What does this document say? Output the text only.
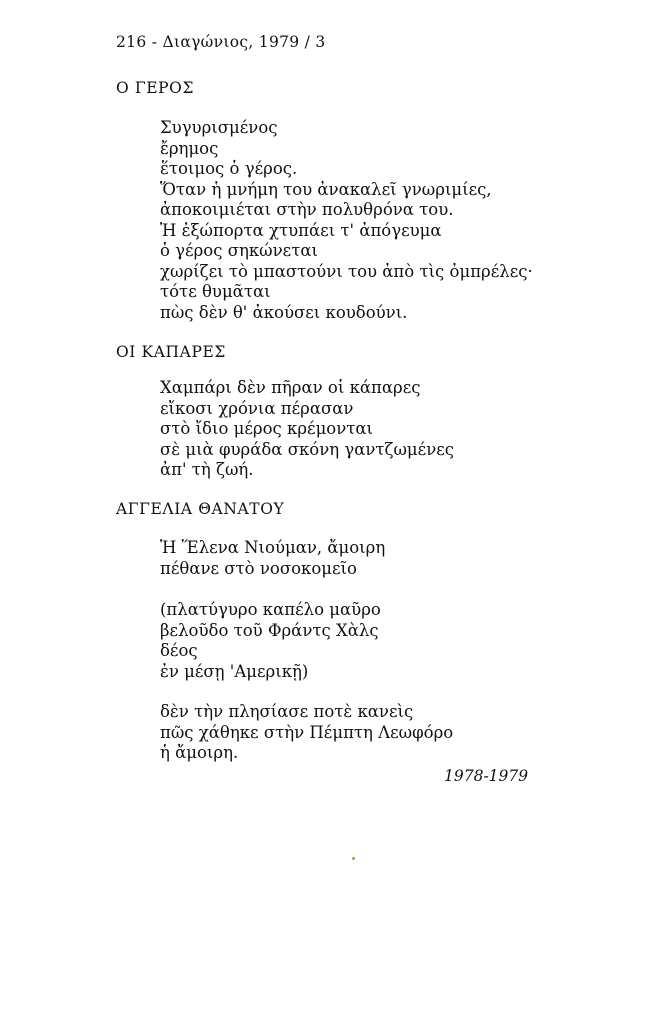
216 - Διαγώνιος, 1979 / 3
Ο ΓΕΡΟΣ
Συγυρισμένος
ἔρημος
ἕτοιμος ὁ γέρος.
Ὅταν ἡ μνήμη του ἀνακαλεῖ γνωριμίες,
ἀποκοιμιέται στὴν πολυθρόνα του.
Ἡ ἐξώπορτα χτυπάει τ' ἀπόγευμα
ὁ γέρος σηκώνεται
χωρίζει τὸ μπαστούνι του ἀπὸ τὶς ὀμπρέλες·
τότε θυμᾶται
πὼς δὲν θ' ἀκούσει κουδούνι.
ΟΙ ΚΑΠΑΡΕΣ
Χαμπάρι δὲν πῆραν οἱ κάπαρες
εἴκοσι χρόνια πέρασαν
στὸ ἴδιο μέρος κρέμονται
σὲ μιὰ φυράδα σκόνη γαντζωμένες
ἀπ' τὴ ζωή.
ΑΓΓΕΛΙΑ ΘΑΝΑΤΟΥ
Ἡ Ἕλενα Νιούμαν, ἄμοιρη
πέθανε στὸ νοσοκομεῖο
(πλατύγυρο καπέλο μαῦρο
βελοῦδο τοῦ Φράντς Χὰλς
δέος
ἐν μέσῃ 'Αμερικῇ)
δὲν τὴν πλησίασε ποτὲ κανεὶς
πῶς χάθηκε στὴν Πέμπτη Λεωφόρο
ἡ ἄμοιρη.
1978-1979
